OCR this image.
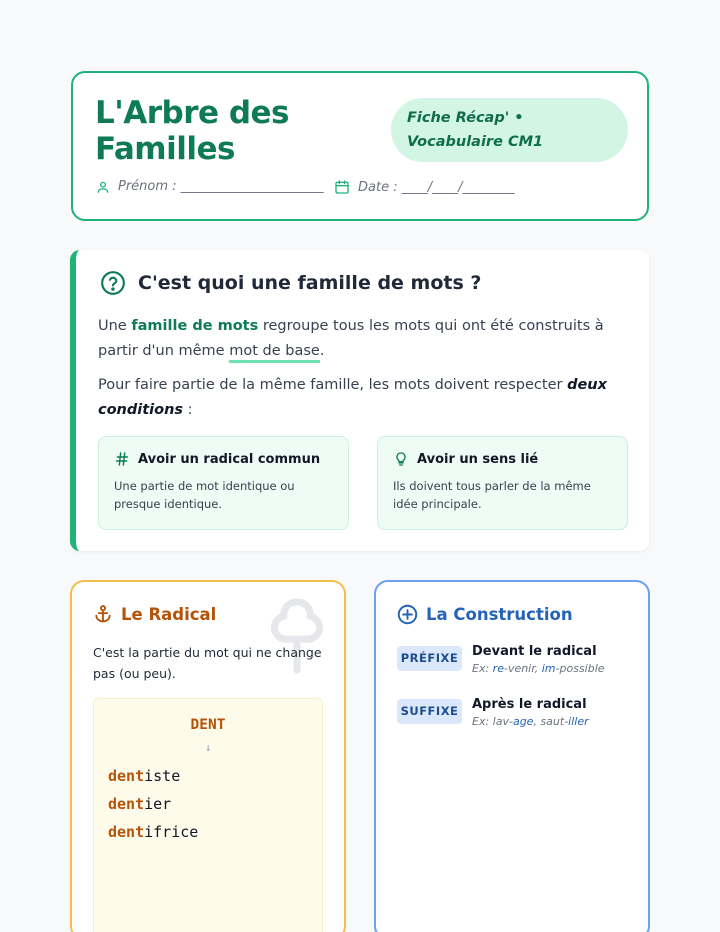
L'Arbre des Familles
Fiche Récap' • Vocabulaire CM1
Prénom : ______________________	Date : ____/____/________
C'est quoi une famille de mots ?

Une famille de mots regroupe tous les mots qui ont été construits à partir d'un même mot de base.

Pour faire partie de la même famille, les mots doivent respecter deux conditions :

Avoir un radical commun
Une partie de mot identique ou presque identique.
Avoir un sens lié
Ils doivent tous parler de la même idée principale.
Le Radical

C'est la partie du mot qui ne change pas (ou peu).

DENT
↓
dentiste
dentier
dentifrice
La Construction
PRÉFIXE Devant le radical
Ex: re-venir, im-possible
SUFFIXE Après le radical
Ex: lav-age, saut-iller
